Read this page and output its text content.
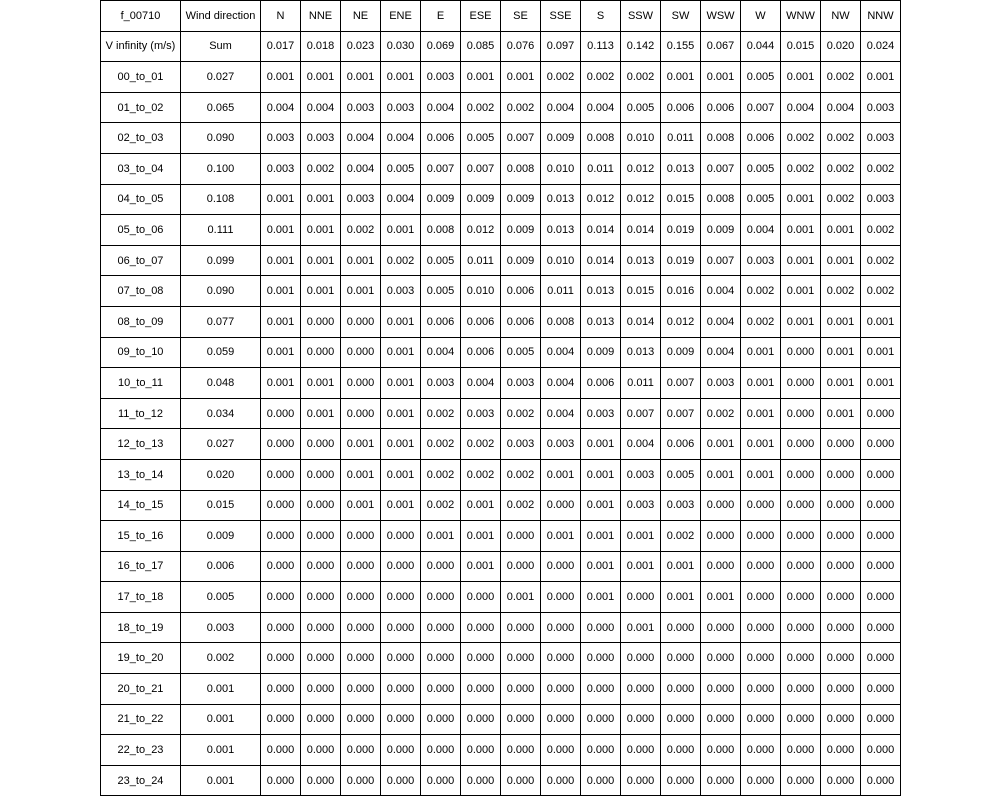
f_00710	Wind direction	N	NNE	NE	ENE	E	ESE	SE	SSE	S	SSW	SW	WSW	W	WNW	NW	NNW
V infinity (m/s)	Sum	0.017	0.018	0.023	0.030	0.069	0.085	0.076	0.097	0.113	0.142	0.155	0.067	0.044	0.015	0.020	0.024
00_to_01	0.027	0.001	0.001	0.001	0.001	0.003	0.001	0.001	0.002	0.002	0.002	0.001	0.001	0.005	0.001	0.002	0.001
01_to_02	0.065	0.004	0.004	0.003	0.003	0.004	0.002	0.002	0.004	0.004	0.005	0.006	0.006	0.007	0.004	0.004	0.003
02_to_03	0.090	0.003	0.003	0.004	0.004	0.006	0.005	0.007	0.009	0.008	0.010	0.011	0.008	0.006	0.002	0.002	0.003
03_to_04	0.100	0.003	0.002	0.004	0.005	0.007	0.007	0.008	0.010	0.011	0.012	0.013	0.007	0.005	0.002	0.002	0.002
04_to_05	0.108	0.001	0.001	0.003	0.004	0.009	0.009	0.009	0.013	0.012	0.012	0.015	0.008	0.005	0.001	0.002	0.003
05_to_06	0.111	0.001	0.001	0.002	0.001	0.008	0.012	0.009	0.013	0.014	0.014	0.019	0.009	0.004	0.001	0.001	0.002
06_to_07	0.099	0.001	0.001	0.001	0.002	0.005	0.011	0.009	0.010	0.014	0.013	0.019	0.007	0.003	0.001	0.001	0.002
07_to_08	0.090	0.001	0.001	0.001	0.003	0.005	0.010	0.006	0.011	0.013	0.015	0.016	0.004	0.002	0.001	0.002	0.002
08_to_09	0.077	0.001	0.000	0.000	0.001	0.006	0.006	0.006	0.008	0.013	0.014	0.012	0.004	0.002	0.001	0.001	0.001
09_to_10	0.059	0.001	0.000	0.000	0.001	0.004	0.006	0.005	0.004	0.009	0.013	0.009	0.004	0.001	0.000	0.001	0.001
10_to_11	0.048	0.001	0.001	0.000	0.001	0.003	0.004	0.003	0.004	0.006	0.011	0.007	0.003	0.001	0.000	0.001	0.001
11_to_12	0.034	0.000	0.001	0.000	0.001	0.002	0.003	0.002	0.004	0.003	0.007	0.007	0.002	0.001	0.000	0.001	0.000
12_to_13	0.027	0.000	0.000	0.001	0.001	0.002	0.002	0.003	0.003	0.001	0.004	0.006	0.001	0.001	0.000	0.000	0.000
13_to_14	0.020	0.000	0.000	0.001	0.001	0.002	0.002	0.002	0.001	0.001	0.003	0.005	0.001	0.001	0.000	0.000	0.000
14_to_15	0.015	0.000	0.000	0.001	0.001	0.002	0.001	0.002	0.000	0.001	0.003	0.003	0.000	0.000	0.000	0.000	0.000
15_to_16	0.009	0.000	0.000	0.000	0.000	0.001	0.001	0.000	0.001	0.001	0.001	0.002	0.000	0.000	0.000	0.000	0.000
16_to_17	0.006	0.000	0.000	0.000	0.000	0.000	0.001	0.000	0.000	0.001	0.001	0.001	0.000	0.000	0.000	0.000	0.000
17_to_18	0.005	0.000	0.000	0.000	0.000	0.000	0.000	0.001	0.000	0.001	0.000	0.001	0.001	0.000	0.000	0.000	0.000
18_to_19	0.003	0.000	0.000	0.000	0.000	0.000	0.000	0.000	0.000	0.000	0.001	0.000	0.000	0.000	0.000	0.000	0.000
19_to_20	0.002	0.000	0.000	0.000	0.000	0.000	0.000	0.000	0.000	0.000	0.000	0.000	0.000	0.000	0.000	0.000	0.000
20_to_21	0.001	0.000	0.000	0.000	0.000	0.000	0.000	0.000	0.000	0.000	0.000	0.000	0.000	0.000	0.000	0.000	0.000
21_to_22	0.001	0.000	0.000	0.000	0.000	0.000	0.000	0.000	0.000	0.000	0.000	0.000	0.000	0.000	0.000	0.000	0.000
22_to_23	0.001	0.000	0.000	0.000	0.000	0.000	0.000	0.000	0.000	0.000	0.000	0.000	0.000	0.000	0.000	0.000	0.000
23_to_24	0.001	0.000	0.000	0.000	0.000	0.000	0.000	0.000	0.000	0.000	0.000	0.000	0.000	0.000	0.000	0.000	0.000
